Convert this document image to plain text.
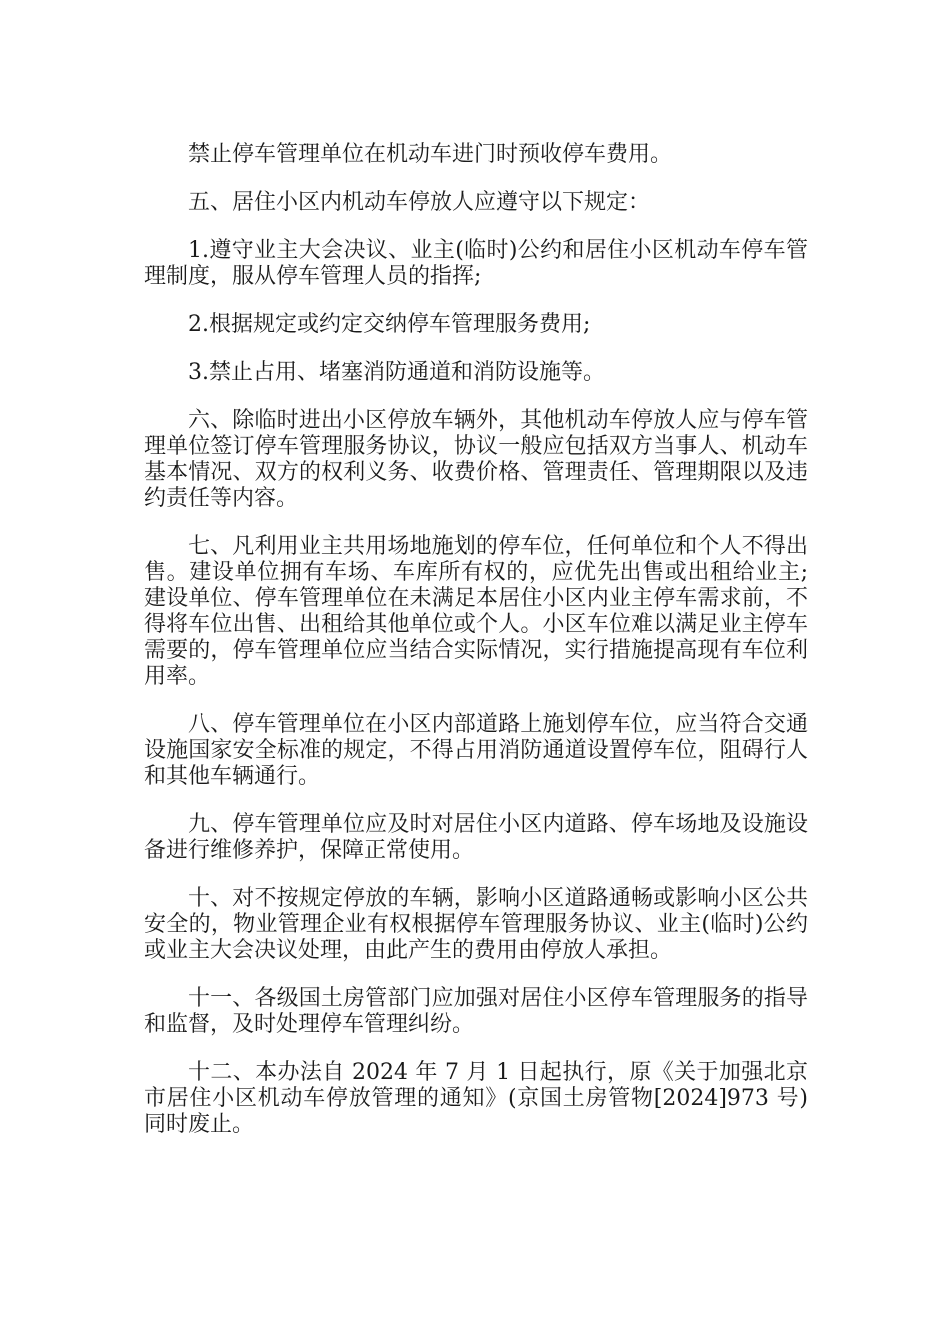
禁止停车管理单位在机动车进门时预收停车费用。

五、居住小区内机动车停放人应遵守以下规定：

1.遵守业主大会决议、业主(临时)公约和居住小区机动车停车管理制度，服从停车管理人员的指挥;

2.根据规定或约定交纳停车管理服务费用;

3.禁止占用、堵塞消防通道和消防设施等。

六、除临时进出小区停放车辆外，其他机动车停放人应与停车管理单位签订停车管理服务协议，协议一般应包括双方当事人、机动车基本情况、双方的权利义务、收费价格、管理责任、管理期限以及违约责任等内容。

七、凡利用业主共用场地施划的停车位，任何单位和个人不得出售。建设单位拥有车场、车库所有权的，应优先出售或出租给业主;建设单位、停车管理单位在未满足本居住小区内业主停车需求前，不得将车位出售、出租给其他单位或个人。小区车位难以满足业主停车需要的，停车管理单位应当结合实际情况，实行措施提高现有车位利用率。

八、停车管理单位在小区内部道路上施划停车位，应当符合交通设施国家安全标准的规定，不得占用消防通道设置停车位，阻碍行人和其他车辆通行。

九、停车管理单位应及时对居住小区内道路、停车场地及设施设备进行维修养护，保障正常使用。

十、对不按规定停放的车辆，影响小区道路通畅或影响小区公共安全的，物业管理企业有权根据停车管理服务协议、业主(临时)公约或业主大会决议处理，由此产生的费用由停放人承担。

十一、各级国土房管部门应加强对居住小区停车管理服务的指导和监督，及时处理停车管理纠纷。

十二、本办法自 2024 年 7 月 1 日起执行，原《关于加强北京市居住小区机动车停放管理的通知》(京国土房管物[2024]973 号)同时废止。
